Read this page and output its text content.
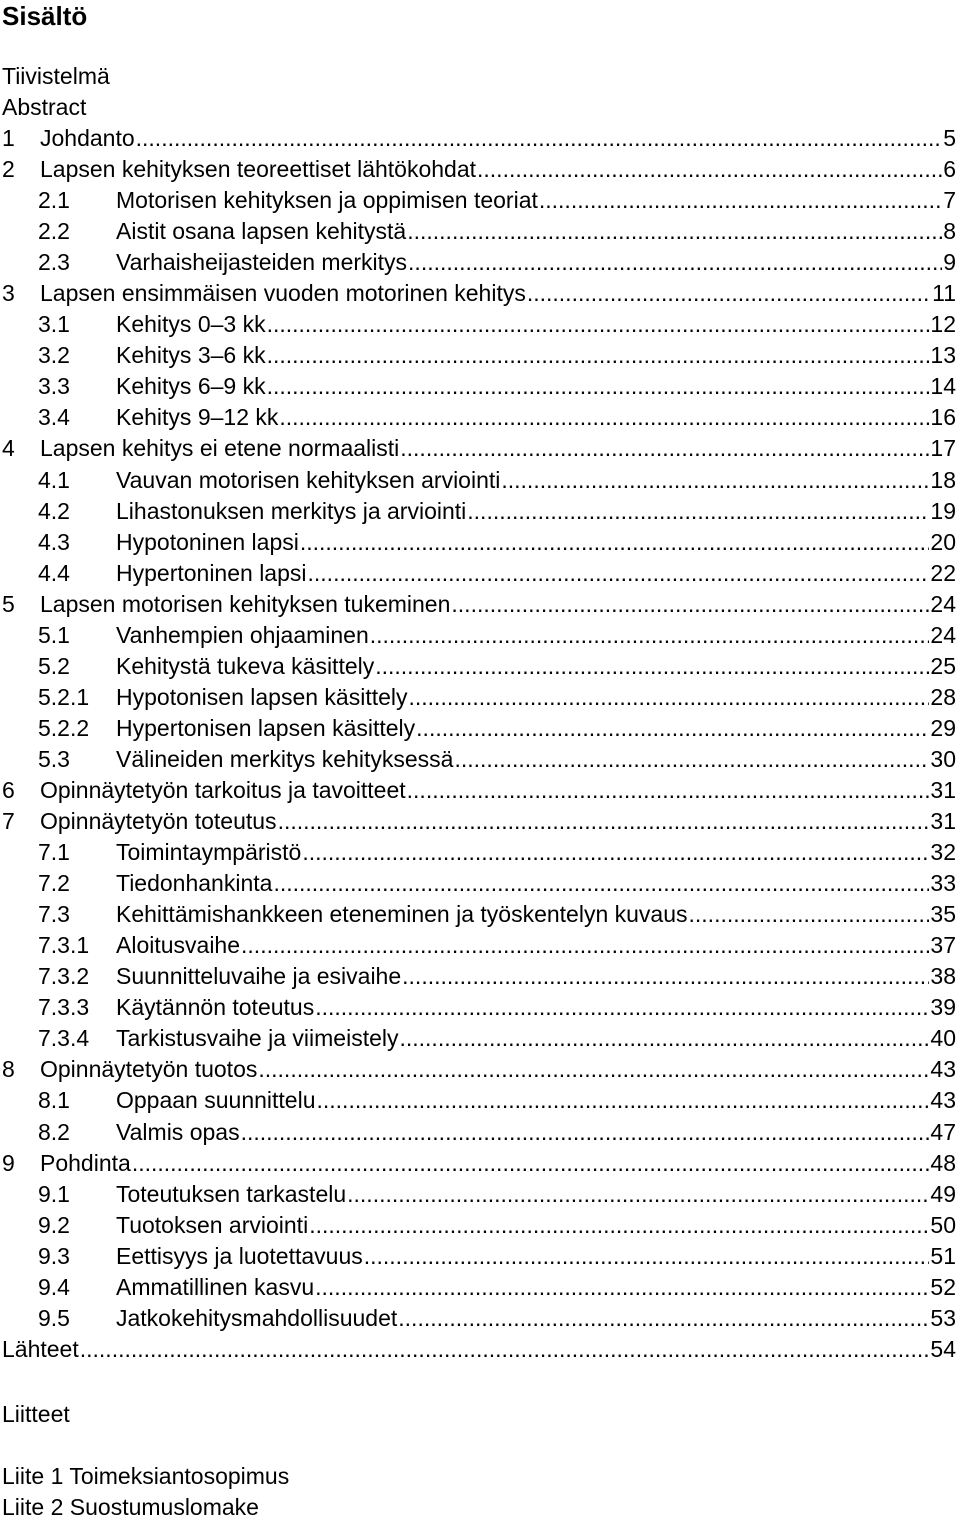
Sisältö
Tiivistelmä
Abstract
1 Johdanto .....	5
2 Lapsen kehityksen teoreettiset lähtökohdat .....	6
2.1 Motorisen kehityksen ja oppimisen teoriat .....	7
2.2 Aistit osana lapsen kehitystä .....	8
2.3 Varhaisheijasteiden merkitys .....	9
3 Lapsen ensimmäisen vuoden motorinen kehitys .....	11
3.1 Kehitys 0–3 kk .....	12
3.2 Kehitys 3–6 kk .....	13
3.3 Kehitys 6–9 kk .....	14
3.4 Kehitys 9–12 kk .....	16
4 Lapsen kehitys ei etene normaalisti .....	17
4.1 Vauvan motorisen kehityksen arviointi .....	18
4.2 Lihastonuksen merkitys ja arviointi .....	19
4.3 Hypotoninen lapsi .....	20
4.4 Hypertoninen lapsi .....	22
5 Lapsen motorisen kehityksen tukeminen .....	24
5.1 Vanhempien ohjaaminen .....	24
5.2 Kehitystä tukeva käsittely .....	25
5.2.1 Hypotonisen lapsen käsittely .....	28
5.2.2 Hypertonisen lapsen käsittely .....	29
5.3 Välineiden merkitys kehityksessä .....	30
6 Opinnäytetyön tarkoitus ja tavoitteet .....	31
7 Opinnäytetyön toteutus .....	31
7.1 Toimintaympäristö .....	32
7.2 Tiedonhankinta .....	33
7.3 Kehittämishankkeen eteneminen ja työskentelyn kuvaus .....	35
7.3.1 Aloitusvaihe .....	37
7.3.2 Suunnitteluvaihe ja esivaihe .....	38
7.3.3 Käytännön toteutus .....	39
7.3.4 Tarkistusvaihe ja viimeistely .....	40
8 Opinnäytetyön tuotos .....	43
8.1 Oppaan suunnittelu .....	43
8.2 Valmis opas .....	47
9 Pohdinta .....	48
9.1 Toteutuksen tarkastelu .....	49
9.2 Tuotoksen arviointi .....	50
9.3 Eettisyys ja luotettavuus .....	51
9.4 Ammatillinen kasvu .....	52
9.5 Jatkokehitysmahdollisuudet .....	53
Lähteet .....	54
Liitteet
Liite 1 Toimeksiantosopimus
Liite 2 Suostumuslomake
